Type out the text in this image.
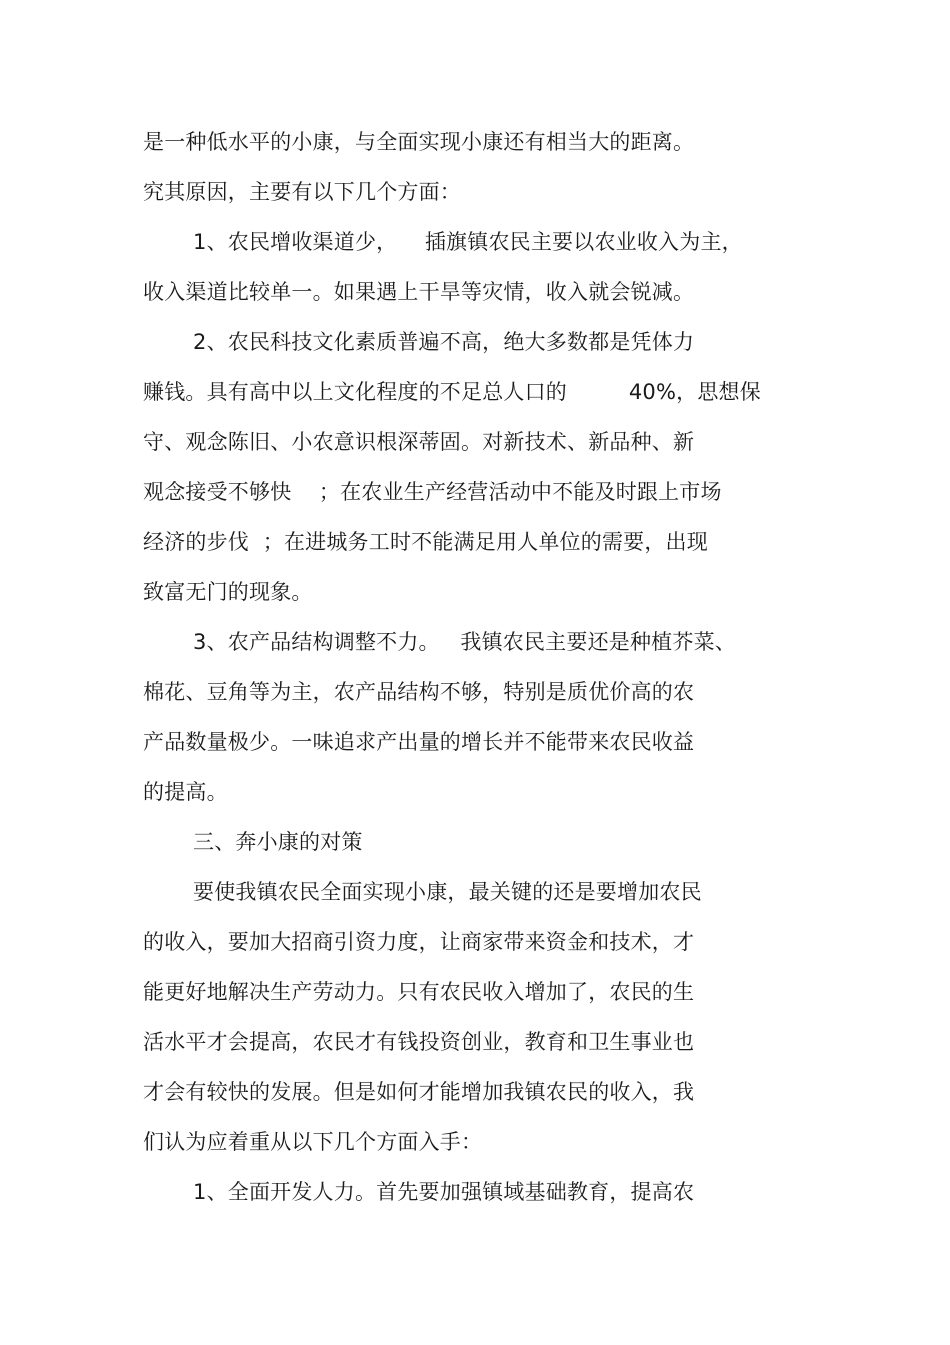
是一种低水平的小康，与全面实现小康还有相当大的距离。
究其原因，主要有以下几个方面：
1、农民增收渠道少，    插旗镇农民主要以农业收入为主，
收入渠道比较单一。如果遇上干旱等灾情，收入就会锐减。
2、农民科技文化素质普遍不高，绝大多数都是凭体力
赚钱。具有高中以上文化程度的不足总人口的         40%，思想保
守、观念陈旧、小农意识根深蒂固。对新技术、新品种、新
观念接受不够快    ；在农业生产经营活动中不能及时跟上市场
经济的步伐  ；在进城务工时不能满足用人单位的需要，出现
致富无门的现象。
3、农产品结构调整不力。   我镇农民主要还是种植芥菜、
棉花、豆角等为主，农产品结构不够，特别是质优价高的农
产品数量极少。一味追求产出量的增长并不能带来农民收益
的提高。
三、奔小康的对策
要使我镇农民全面实现小康，最关键的还是要增加农民
的收入，要加大招商引资力度，让商家带来资金和技术，才
能更好地解决生产劳动力。只有农民收入增加了，农民的生
活水平才会提高，农民才有钱投资创业，教育和卫生事业也
才会有较快的发展。但是如何才能增加我镇农民的收入，我
们认为应着重从以下几个方面入手：
1、全面开发人力。首先要加强镇域基础教育，提高农
